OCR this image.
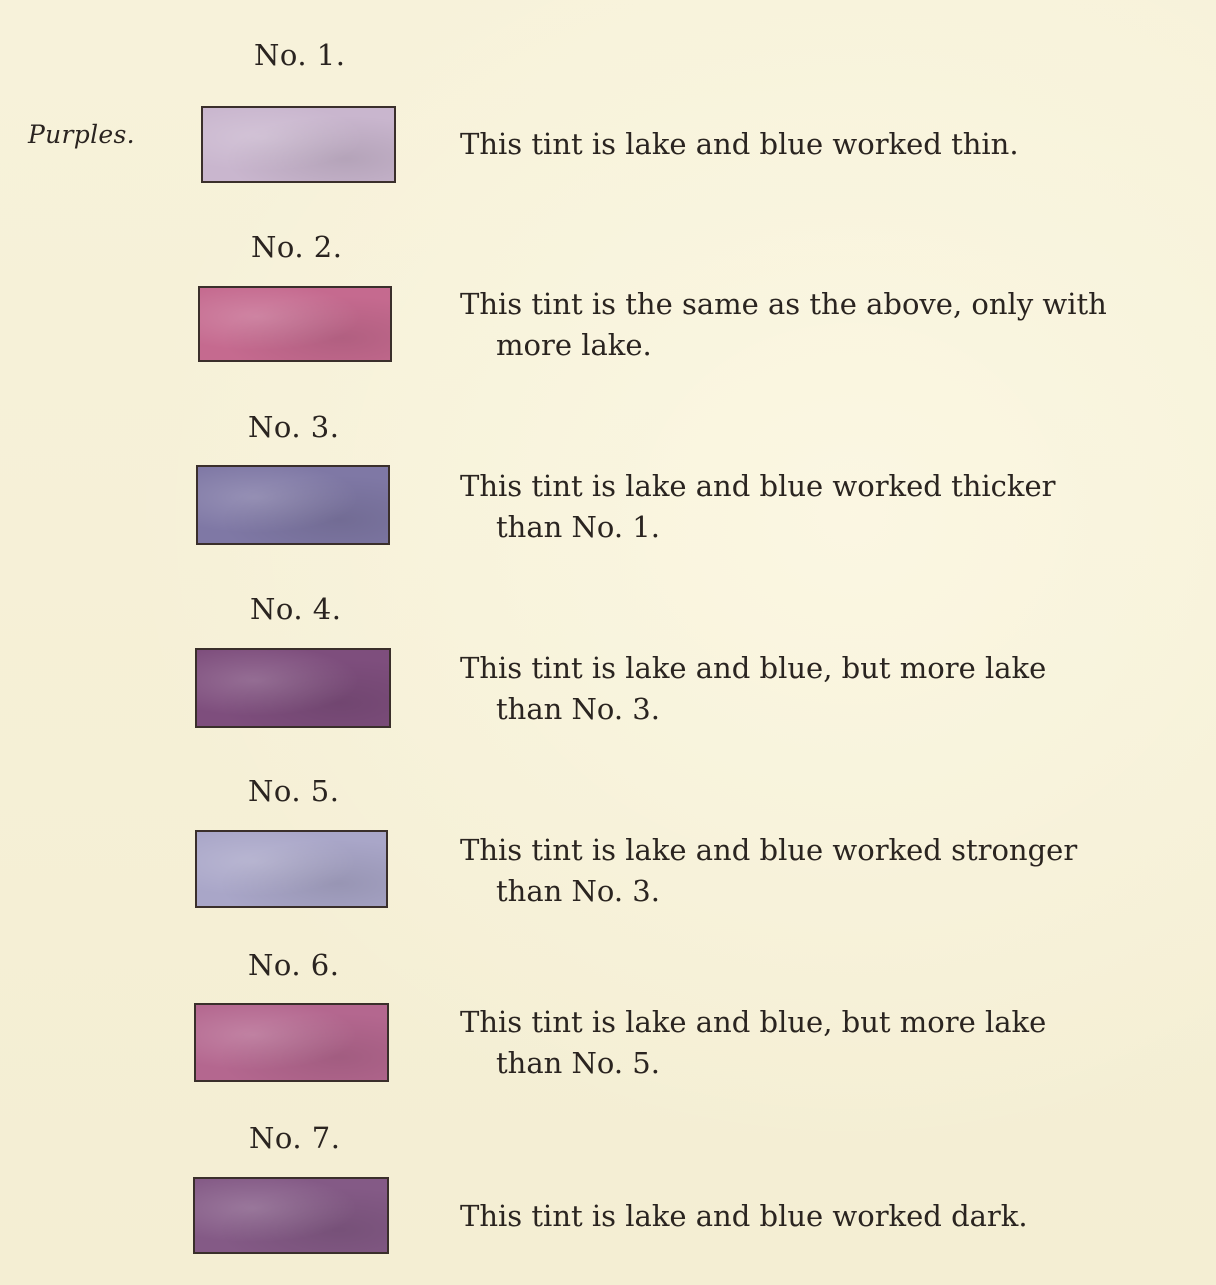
Purples.
No. 1.
This tint is lake and blue worked thin.
No. 2.
This tint is the same as the above, only with
more lake.
No. 3.
This tint is lake and blue worked thicker
than No. 1.
No. 4.
This tint is lake and blue, but more lake
than No. 3.
No. 5.
This tint is lake and blue worked stronger
than No. 3.
No. 6.
This tint is lake and blue, but more lake
than No. 5.
No. 7.
This tint is lake and blue worked dark.
